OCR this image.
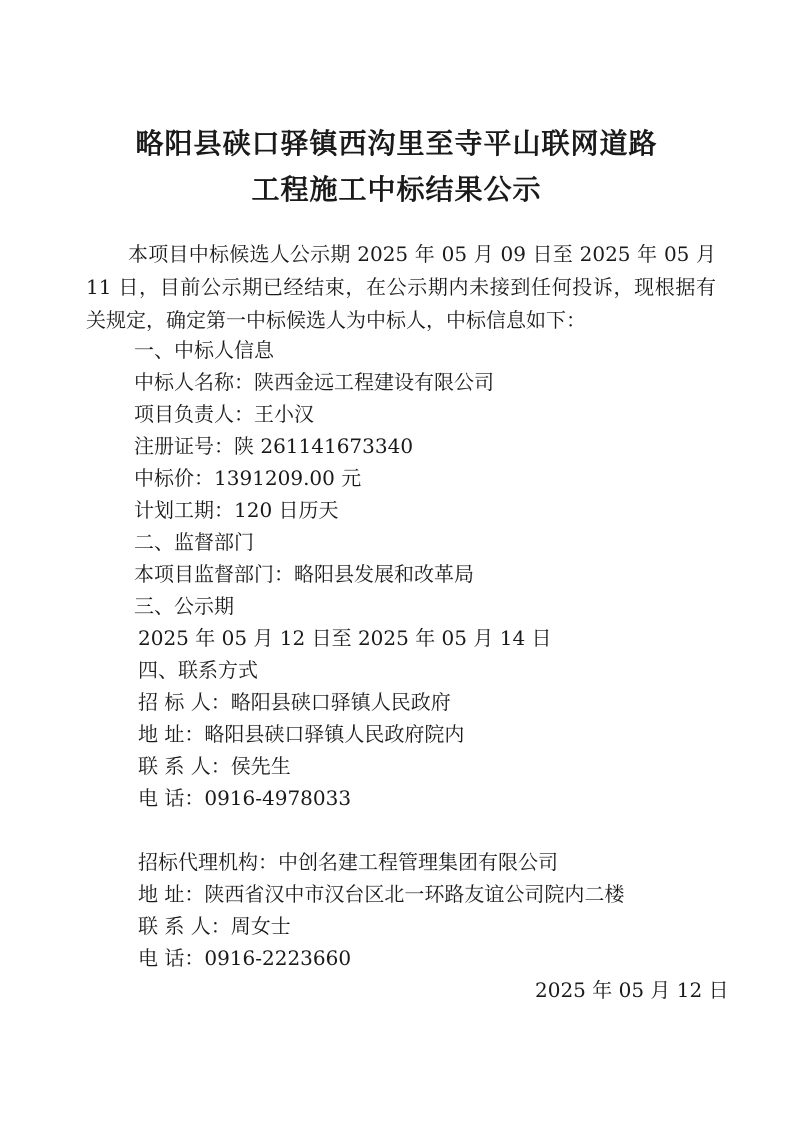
略阳县硖口驿镇西沟里至寺平山联网道路
工程施工中标结果公示
本项目中标候选人公示期 2025 年 05 月 09 日至 2025 年 05 月 11 日，目前公示期已经结束，在公示期内未接到任何投诉，现根据有关规定，确定第一中标候选人为中标人，中标信息如下：
一、中标人信息
中标人名称：陕西金远工程建设有限公司
项目负责人：王小汉
注册证号：陕 261141673340
中标价：1391209.00 元
计划工期：120 日历天
二、监督部门
本项目监督部门：略阳县发展和改革局
三、公示期
2025 年 05 月 12 日至 2025 年 05 月 14 日
四、联系方式
招 标 人：略阳县硖口驿镇人民政府
地 址：略阳县硖口驿镇人民政府院内
联 系 人：侯先生
电 话：0916-4978033
招标代理机构：中创名建工程管理集团有限公司
地 址：陕西省汉中市汉台区北一环路友谊公司院内二楼
联 系 人：周女士
电 话：0916-2223660
2025 年 05 月 12 日
